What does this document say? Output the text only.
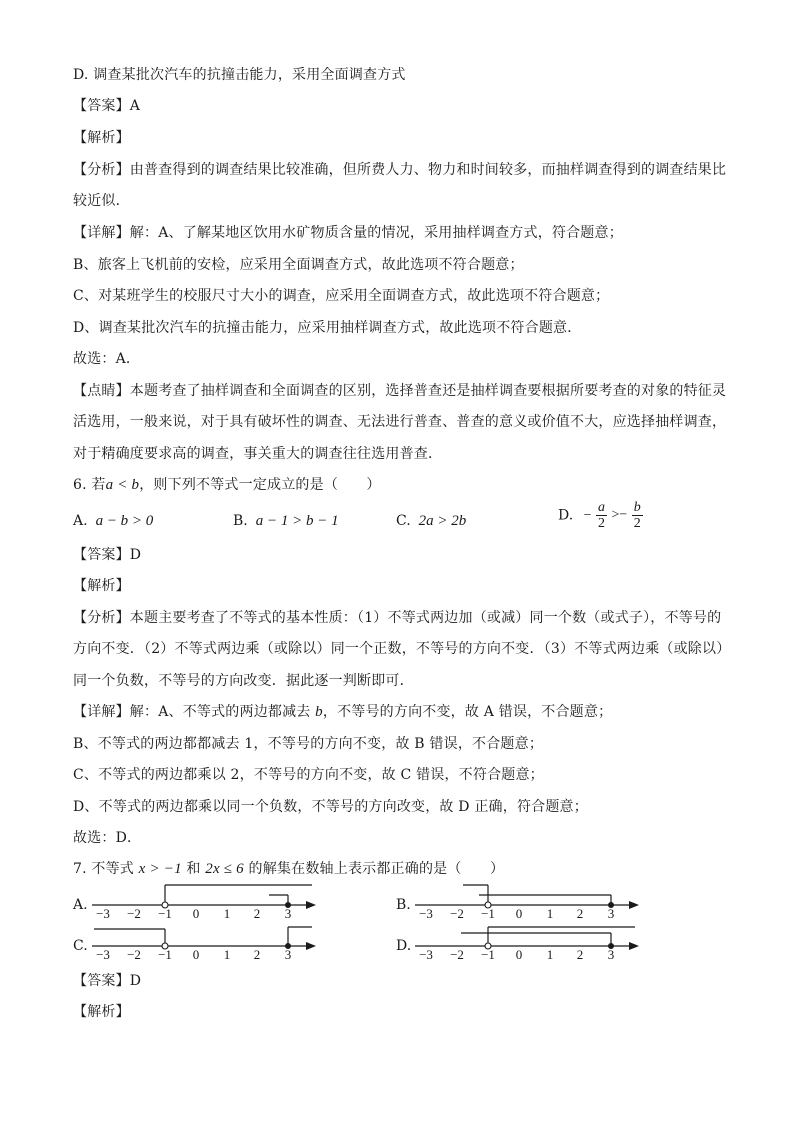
D. 调查某批次汽车的抗撞击能力，采用全面调查方式
【答案】A
【解析】
【分析】由普查得到的调查结果比较准确，但所费人力、物力和时间较多，而抽样调查得到的调查结果比
较近似．
【详解】解：A、了解某地区饮用水矿物质含量的情况，采用抽样调查方式，符合题意；
B、旅客上飞机前的安检，应采用全面调查方式，故此选项不符合题意；
C、对某班学生的校服尺寸大小的调查，应采用全面调查方式，故此选项不符合题意；
D、调查某批次汽车的抗撞击能力，应采用抽样调查方式，故此选项不符合题意．
故选：A．
【点睛】本题考查了抽样调查和全面调查的区别，选择普查还是抽样调查要根据所要考查的对象的特征灵
活选用，一般来说，对于具有破坏性的调查、无法进行普查、普查的意义或价值不大，应选择抽样调查，
对于精确度要求高的调查，事关重大的调查往往选用普查．
6. 若a < b，则下列不等式一定成立的是（　　）
A. a − b > 0	B. a − 1 > b − 1	C. 2a > 2b	D. − $\frac{a}{2} >- \frac{b}{2}$
【答案】D
【解析】
【分析】本题主要考查了不等式的基本性质：（1）不等式两边加（或减）同一个数（或式子），不等号的
方向不变．（2）不等式两边乘（或除以）同一个正数，不等号的方向不变．（3）不等式两边乘（或除以）
同一个负数，不等号的方向改变．据此逐一判断即可．
【详解】解：A、不等式的两边都减去 b，不等号的方向不变，故 A 错误，不合题意；
B、不等式的两边都都减去 1，不等号的方向不变，故 B 错误，不合题意；
C、不等式的两边都乘以 2，不等号的方向不变，故 C 错误，不符合题意；
D、不等式的两边都乘以同一个负数，不等号的方向改变，故 D 正确，符合题意；
故选：D．
7. 不等式 x > −1 和 2x ≤ 6 的解集在数轴上表示都正确的是（　　）
A.
−3 −2 −1 0 1 2 3
B.
−3 −2 −1 0 1 2 3
C.
−3 −2 −1 0 1 2 3
D.
−3 −2 −1 0 1 2 3
【答案】D
【解析】
